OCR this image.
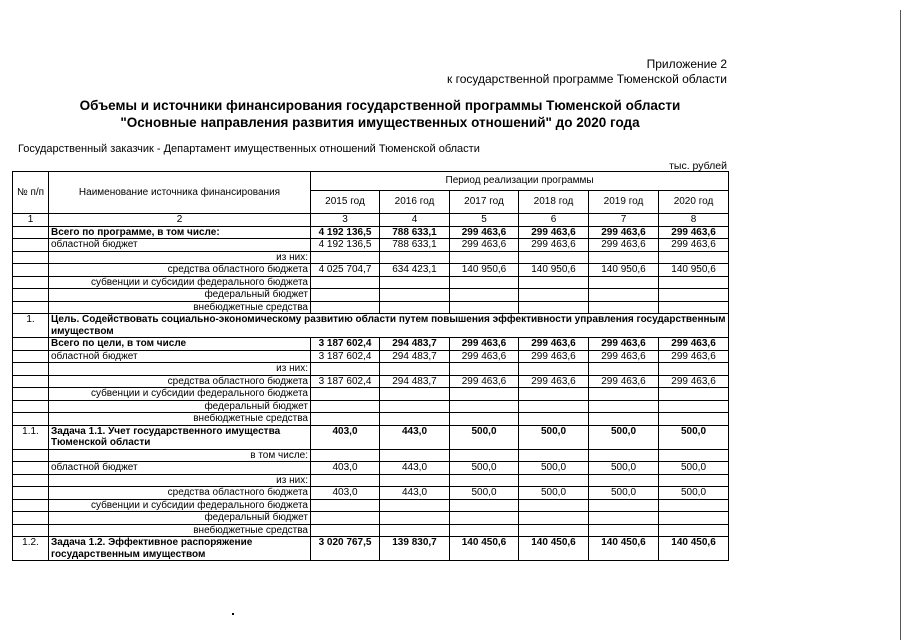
Приложение 2
к государственной программе Тюменской области
Объемы и источники финансирования государственной программы Тюменской области
"Основные направления развития имущественных отношений" до 2020 года
Государственный заказчик - Департамент имущественных отношений Тюменской области
тыс. рублей
№ п/п	Наименование источника финансирования	Период реализации программы					
		2015 год	2016 год	2017 год	2018 год	2019 год	2020 год
1	2	3	4	5	6	7	8
	Всего по программе, в том числе:	4 192 136,5	788 633,1	299 463,6	299 463,6	299 463,6	299 463,6
	областной бюджет	4 192 136,5	788 633,1	299 463,6	299 463,6	299 463,6	299 463,6
	из них:						
	средства областного бюджета	4 025 704,7	634 423,1	140 950,6	140 950,6	140 950,6	140 950,6
	субвенции и субсидии федерального бюджета						
	федеральный бюджет						
	внебюджетные средства						
1.	Цель. Содействовать социально-экономическому развитию области путем повышения эффективности управления государственным имуществом						
	Всего по цели, в том числе	3 187 602,4	294 483,7	299 463,6	299 463,6	299 463,6	299 463,6
	областной бюджет	3 187 602,4	294 483,7	299 463,6	299 463,6	299 463,6	299 463,6
	из них:						
	средства областного бюджета	3 187 602,4	294 483,7	299 463,6	299 463,6	299 463,6	299 463,6
	субвенции и субсидии федерального бюджета						
	федеральный бюджет						
	внебюджетные средства						
1.1.	Задача 1.1. Учет государственного имущества Тюменской области	403,0	443,0	500,0	500,0	500,0	500,0
	в том числе:						
	областной бюджет	403,0	443,0	500,0	500,0	500,0	500,0
	из них:						
	средства областного бюджета	403,0	443,0	500,0	500,0	500,0	500,0
	субвенции и субсидии федерального бюджета						
	федеральный бюджет						
	внебюджетные средства						
1.2.	Задача 1.2. Эффективное распоряжение государственным имуществом	3 020 767,5	139 830,7	140 450,6	140 450,6	140 450,6	140 450,6
